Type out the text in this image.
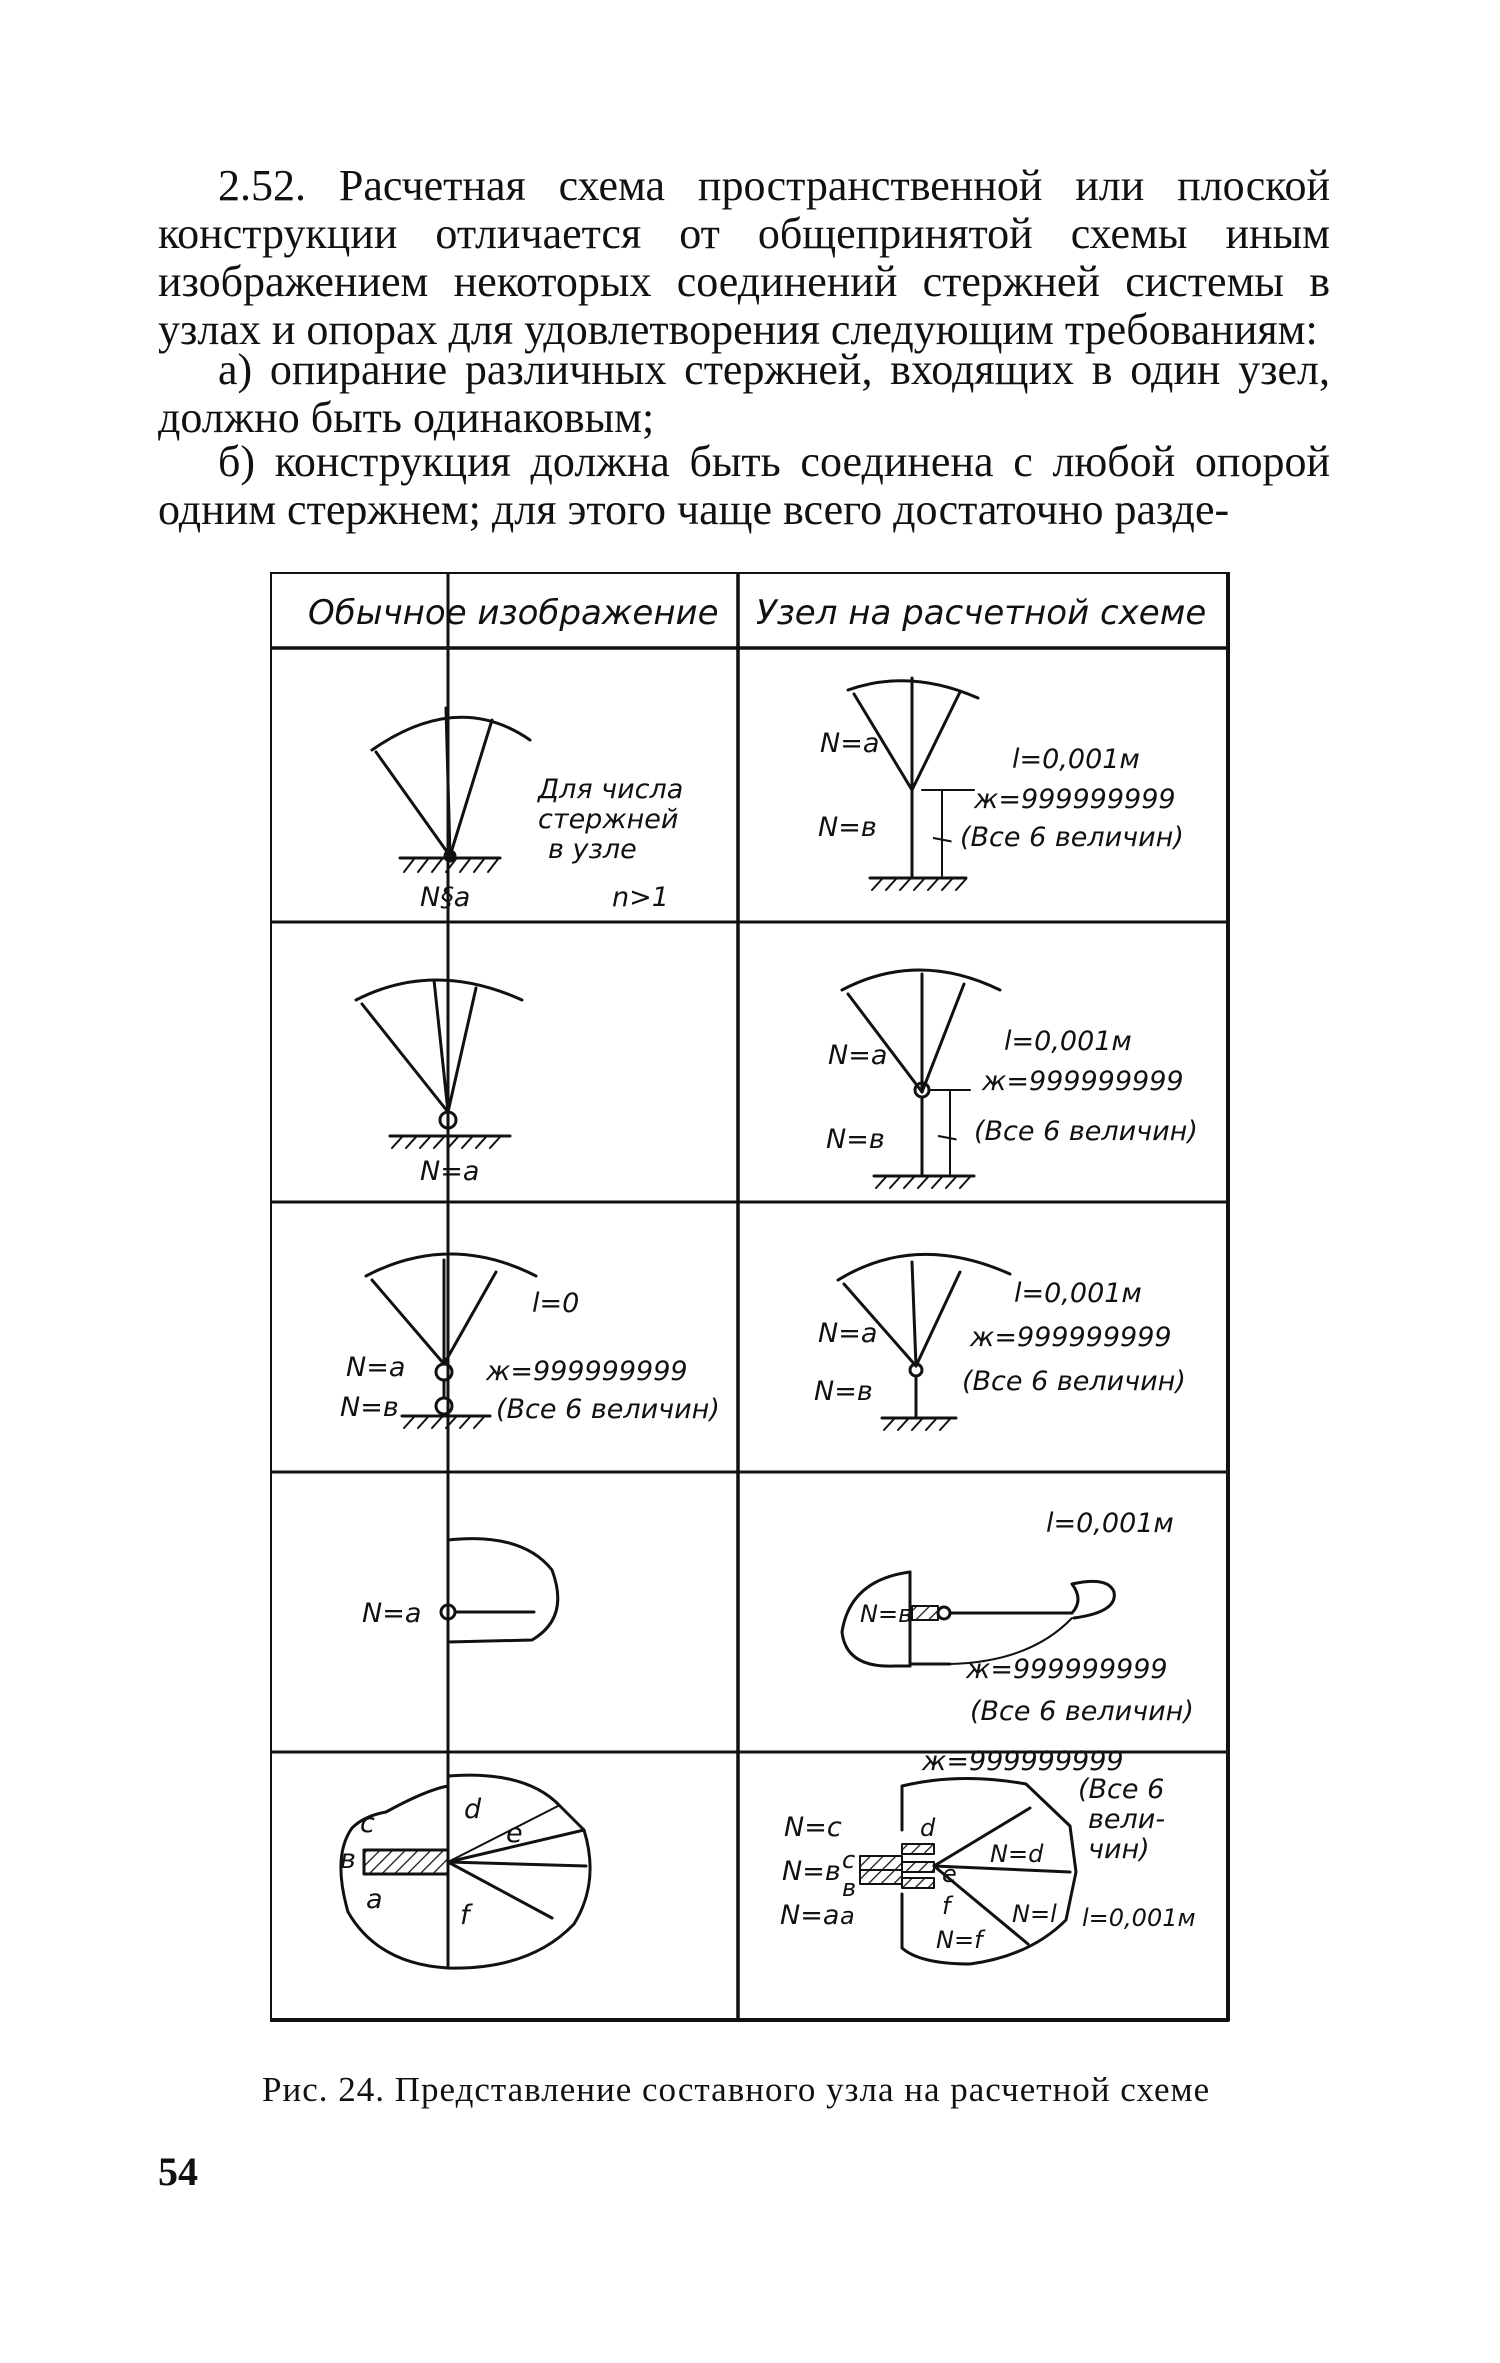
2.52. Расчетная схема пространственной или плоской конструкции отличается от общепринятой схемы иным изображением некоторых соединений стержней системы в узлах и опорах для удовлетворения следующим требованиям:

а) опирание различных стержней, входящих в один узел, должно быть одинаковым;

б) конструкция должна быть соединена с любой опорой одним стержнем; для этого чаще всего достаточно разде-

Обычное изображение Узел на расчетной схеме
Для числа
стержней
в узле
N§a	n>1
l
N=a
N=в
l=0,001м
ж=999999999
(Все 6 величин)
N=a
l
N=a
N=в
l=0,001м
ж=999999999
(Все 6 величин)
l=0
N=a
N=в
ж=999999999
(Все 6 величин)
N=a
N=в
l=0,001м
ж=999999999
(Все 6 величин)
N=a
l=0,001м
N=в
ж=999999999
(Все 6 величин)
c	d
e
в
a
f
ж=999999999
(Все 6
вели-
чин)
N=c
N=в
N=a
c
в
a
d
e
f
N=d
N=f
N=l l=0,001м

Рис. 24. Представление составного узла на расчетной схеме

54
